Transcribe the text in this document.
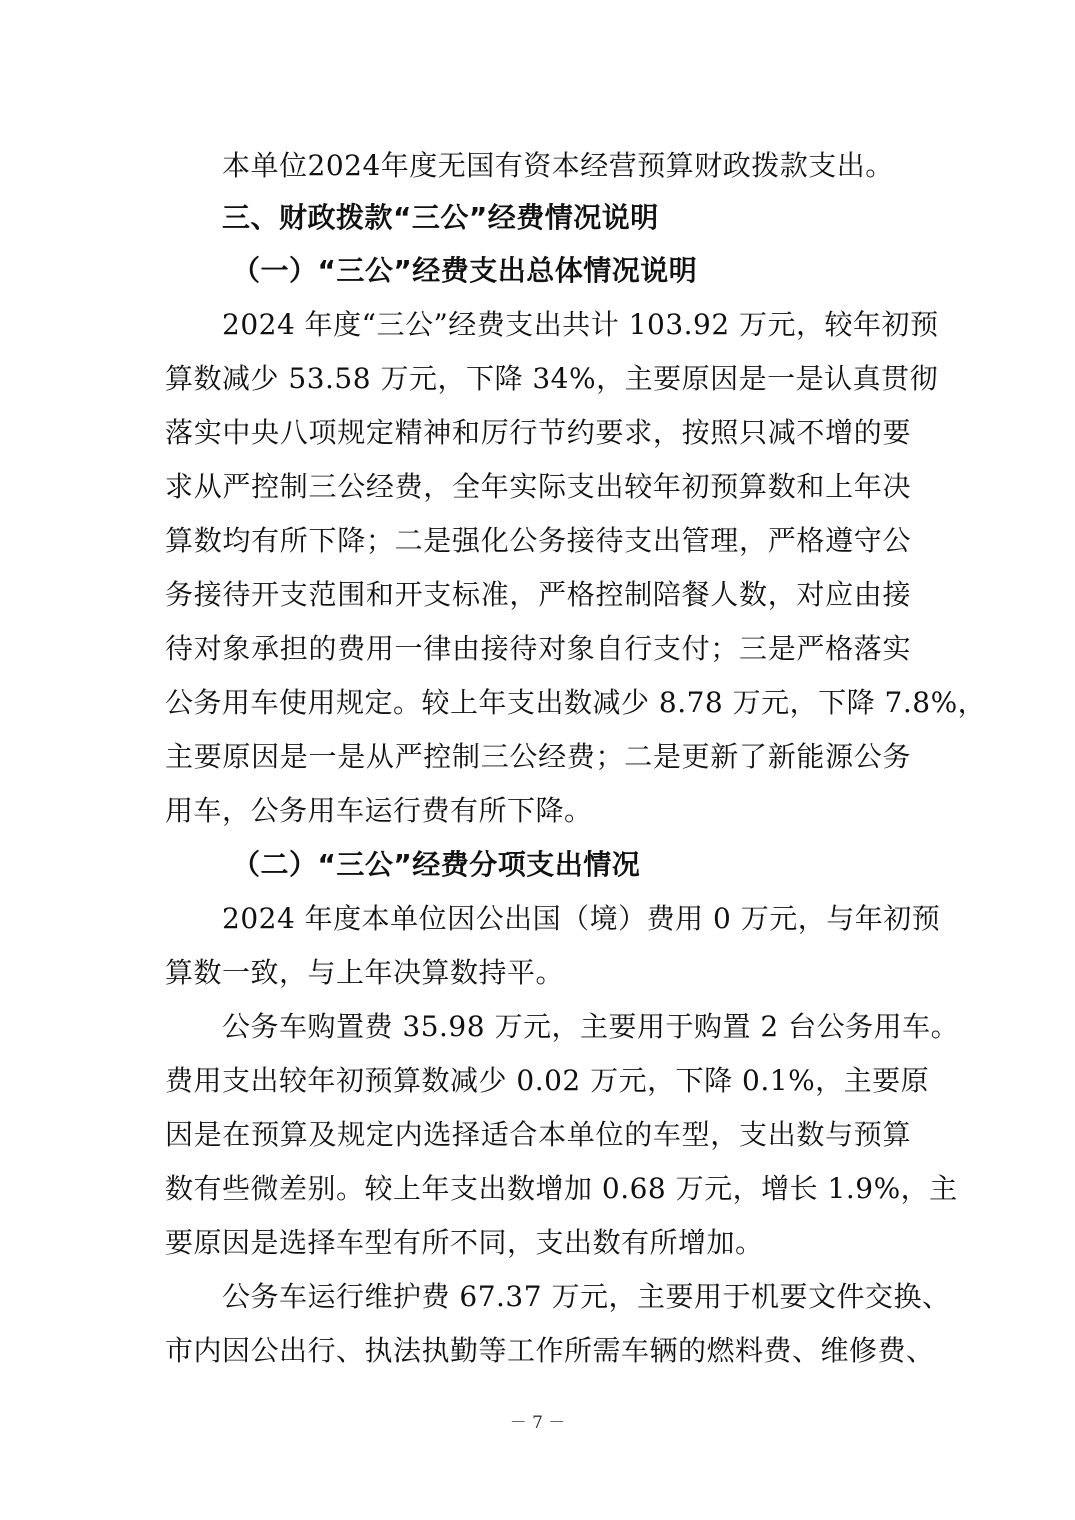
本单位2024年度无国有资本经营预算财政拨款支出。
三、财政拨款“三公”经费情况说明
（一）“三公”经费支出总体情况说明
2024 年度“三公”经费支出共计 103.92 万元，较年初预
算数减少 53.58 万元，下降 34%，主要原因是一是认真贯彻
落实中央八项规定精神和厉行节约要求，按照只减不增的要
求从严控制三公经费，全年实际支出较年初预算数和上年决
算数均有所下降；二是强化公务接待支出管理，严格遵守公
务接待开支范围和开支标准，严格控制陪餐人数，对应由接
待对象承担的费用一律由接待对象自行支付；三是严格落实
公务用车使用规定。较上年支出数减少 8.78 万元，下降 7.8%，
主要原因是一是从严控制三公经费；二是更新了新能源公务
用车，公务用车运行费有所下降。
（二）“三公”经费分项支出情况
2024 年度本单位因公出国（境）费用 0 万元，与年初预
算数一致，与上年决算数持平。
公务车购置费 35.98 万元，主要用于购置 2 台公务用车。
费用支出较年初预算数减少 0.02 万元，下降 0.1%，主要原
因是在预算及规定内选择适合本单位的车型，支出数与预算
数有些微差别。较上年支出数增加 0.68 万元，增长 1.9%，主
要原因是选择车型有所不同，支出数有所增加。
公务车运行维护费 67.37 万元，主要用于机要文件交换、
市内因公出行、执法执勤等工作所需车辆的燃料费、维修费、
－ 7 －
